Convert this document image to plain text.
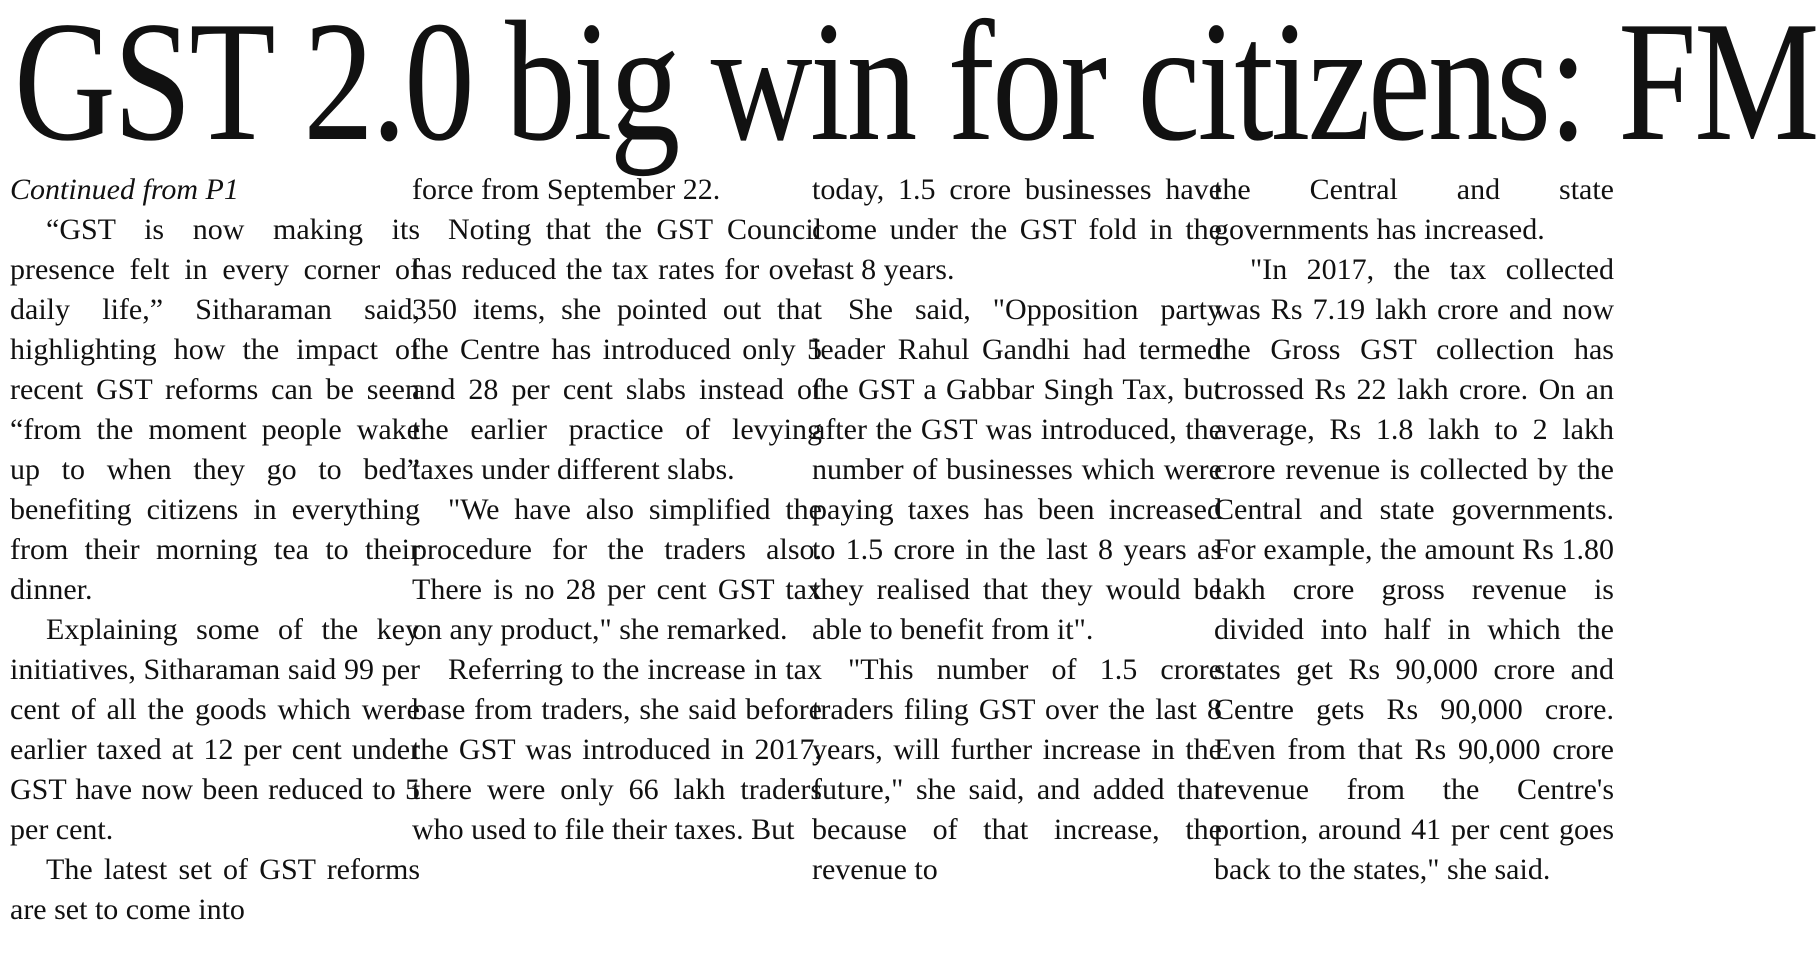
GST 2.0 big win for citizens: FM

Continued from P1

“GST is now making its presence felt in every corner of daily life,” Sitharaman said, highlighting how the impact of recent GST reforms can be seen “from the moment people wake up to when they go to bed” benefiting citizens in everything from their morning tea to their dinner.

Explaining some of the key initiatives, Sitharaman said 99 per cent of all the goods which were earlier taxed at 12 per cent under GST have now been reduced to 5 per cent.

The latest set of GST reforms are set to come into

force from September 22.

Noting that the GST Council has reduced the tax rates for over 350 items, she pointed out that the Centre has introduced only 5 and 28 per cent slabs instead of the earlier practice of levying taxes under different slabs.

"We have also simplified the procedure for the traders also. There is no 28 per cent GST tax on any product," she remarked.

Referring to the increase in tax base from traders, she said before the GST was introduced in 2017, there were only 66 lakh traders who used to file their taxes. But

today, 1.5 crore businesses have come under the GST fold in the last 8 years.

She said, "Opposition party leader Rahul Gandhi had termed the GST a Gabbar Singh Tax, but after the GST was introduced, the number of businesses which were paying taxes has been increased to 1.5 crore in the last 8 years as they realised that they would be able to benefit from it".

"This number of 1.5 crore traders filing GST over the last 8 years, will further increase in the future," she said, and added that because of that increase, the revenue to

the Central and state governments has increased.

"In 2017, the tax collected was Rs 7.19 lakh crore and now the Gross GST collection has crossed Rs 22 lakh crore. On an average, Rs 1.8 lakh to 2 lakh crore revenue is collected by the Central and state governments. For example, the amount Rs 1.80 lakh crore gross revenue is divided into half in which the states get Rs 90,000 crore and Centre gets Rs 90,000 crore. Even from that Rs 90,000 crore revenue from the Centre's portion, around 41 per cent goes back to the states," she said.
